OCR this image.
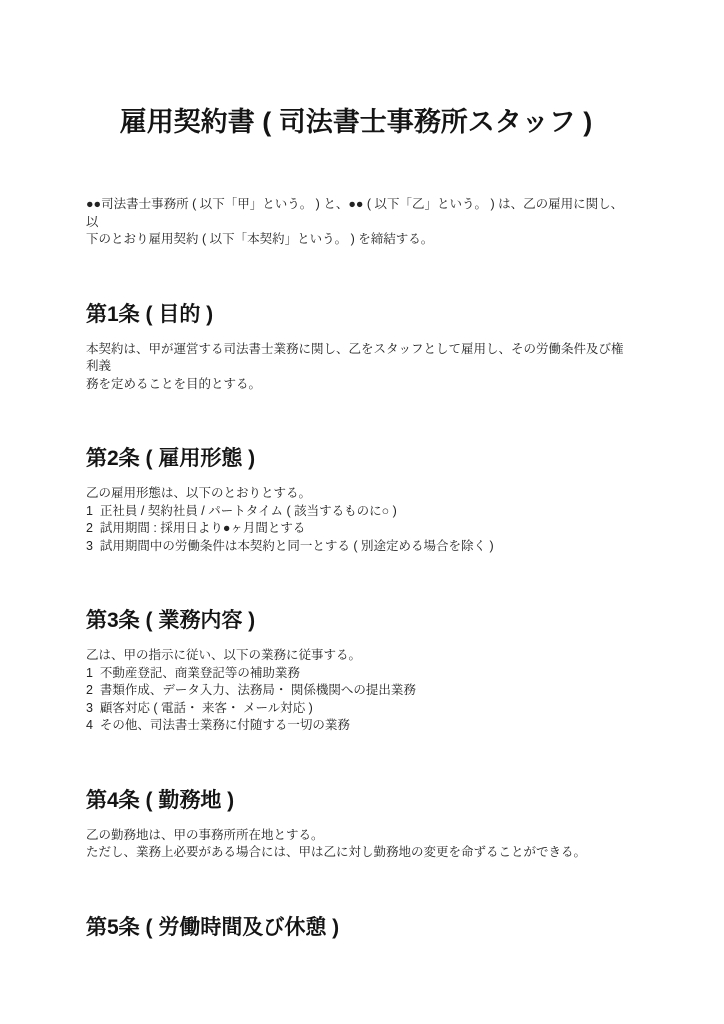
雇用契約書 ( 司法書士事務所スタッフ )
●●司法書士事務所 ( 以下「甲」という。 ) と、●● ( 以下「乙」という。 ) は、乙の雇用に関し、以
下のとおり雇用契約 ( 以下「本契約」という。 ) を締結する。
第1条 ( 目的 )
本契約は、甲が運営する司法書士業務に関し、乙をスタッフとして雇用し、その労働条件及び権利義
務を定めることを目的とする。
第2条 ( 雇用形態 )
乙の雇用形態は、以下のとおりとする。
1  正社員 / 契約社員 / パートタイム ( 該当するものに○ )
2  試用期間 : 採用日より●ヶ月間とする
3  試用期間中の労働条件は本契約と同一とする ( 別途定める場合を除く )
第3条 ( 業務内容 )
乙は、甲の指示に従い、以下の業務に従事する。
1  不動産登記、商業登記等の補助業務
2  書類作成、データ入力、法務局・ 関係機関への提出業務
3  顧客対応 ( 電話・ 来客・ メール対応 )
4  その他、司法書士業務に付随する一切の業務
第4条 ( 勤務地 )
乙の勤務地は、甲の事務所所在地とする。
ただし、業務上必要がある場合には、甲は乙に対し勤務地の変更を命ずることができる。
第5条 ( 労働時間及び休憩 )
